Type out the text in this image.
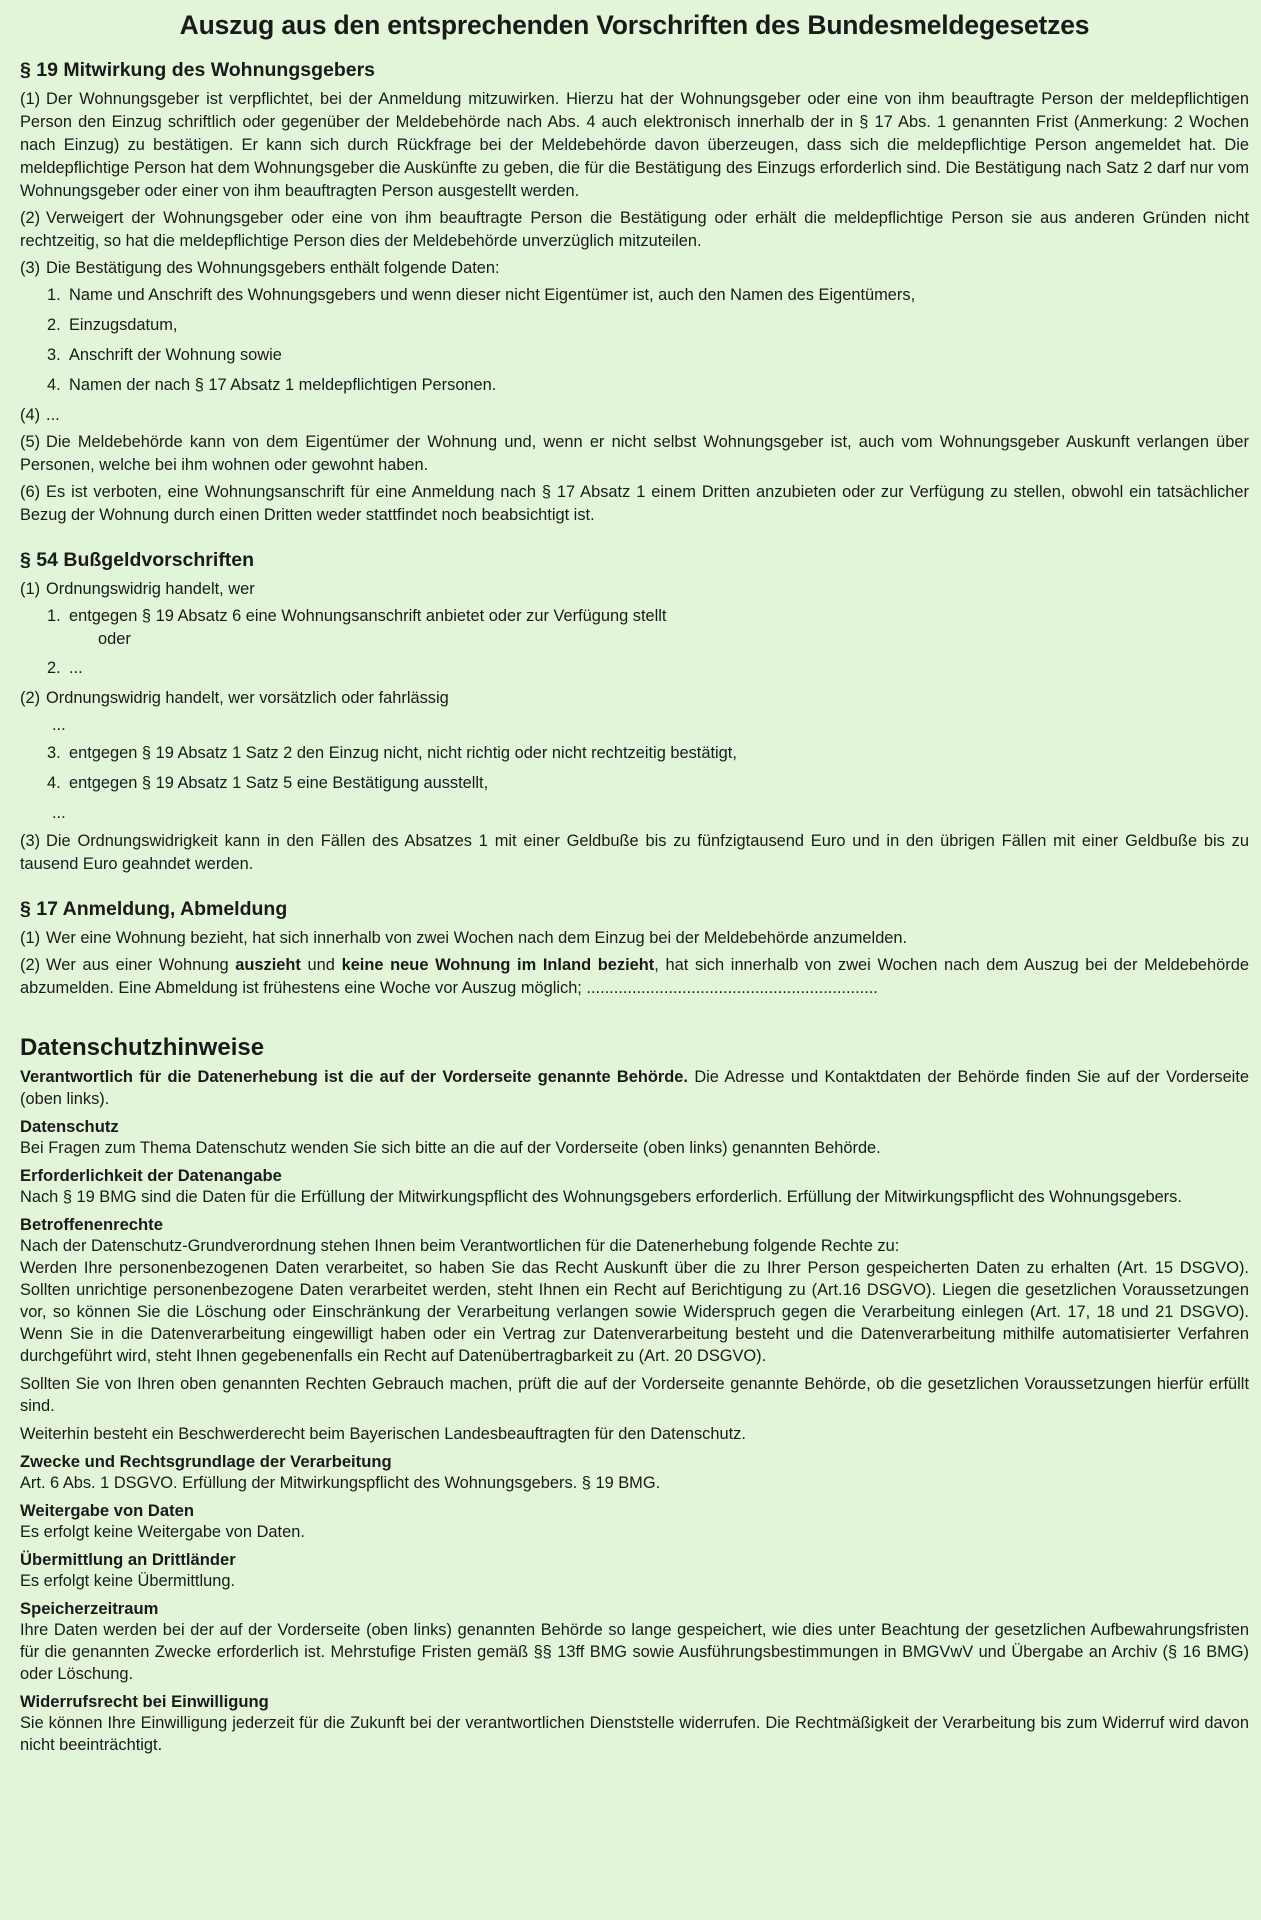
Auszug aus den entsprechenden Vorschriften des Bundesmeldegesetzes
§ 19 Mitwirkung des Wohnungsgebers

(1) Der Wohnungsgeber ist verpflichtet, bei der Anmeldung mitzuwirken. Hierzu hat der Wohnungsgeber oder eine von ihm beauftragte Person der meldepflichtigen Person den Einzug schriftlich oder gegenüber der Meldebehörde nach Abs. 4 auch elektronisch innerhalb der in § 17 Abs. 1 genannten Frist (Anmerkung: 2 Wochen nach Einzug) zu bestätigen. Er kann sich durch Rückfrage bei der Meldebehörde davon überzeugen, dass sich die meldepflichtige Person angemeldet hat. Die meldepflichtige Person hat dem Wohnungsgeber die Auskünfte zu geben, die für die Bestätigung des Einzugs erforderlich sind. Die Bestätigung nach Satz 2 darf nur vom Wohnungsgeber oder einer von ihm beauftragten Person ausgestellt werden.

(2) Verweigert der Wohnungsgeber oder eine von ihm beauftragte Person die Bestätigung oder erhält die meldepflichtige Person sie aus anderen Gründen nicht rechtzeitig, so hat die meldepflichtige Person dies der Meldebehörde unverzüglich mitzuteilen.

(3) Die Bestätigung des Wohnungsgebers enthält folgende Daten:

1. Name und Anschrift des Wohnungsgebers und wenn dieser nicht Eigentümer ist, auch den Namen des Eigentümers,
2. Einzugsdatum,
3. Anschrift der Wohnung sowie
4. Namen der nach § 17 Absatz 1 meldepflichtigen Personen.

(4) ...

(5) Die Meldebehörde kann von dem Eigentümer der Wohnung und, wenn er nicht selbst Wohnungsgeber ist, auch vom Wohnungsgeber Auskunft verlangen über Personen, welche bei ihm wohnen oder gewohnt haben.

(6) Es ist verboten, eine Wohnungsanschrift für eine Anmeldung nach § 17 Absatz 1 einem Dritten anzubieten oder zur Verfügung zu stellen, obwohl ein tatsächlicher Bezug der Wohnung durch einen Dritten weder stattfindet noch beabsichtigt ist.

§ 54 Bußgeldvorschriften

(1) Ordnungswidrig handelt, wer

1. entgegen § 19 Absatz 6 eine Wohnungsanschrift anbietet oder zur Verfügung stellt
oder
2. ...

(2) Ordnungswidrig handelt, wer vorsätzlich oder fahrlässig

...
3. entgegen § 19 Absatz 1 Satz 2 den Einzug nicht, nicht richtig oder nicht rechtzeitig bestätigt,
4. entgegen § 19 Absatz 1 Satz 5 eine Bestätigung ausstellt,
...

(3) Die Ordnungswidrigkeit kann in den Fällen des Absatzes 1 mit einer Geldbuße bis zu fünfzigtausend Euro und in den übrigen Fällen mit einer Geldbuße bis zu tausend Euro geahndet werden.

§ 17 Anmeldung, Abmeldung

(1) Wer eine Wohnung bezieht, hat sich innerhalb von zwei Wochen nach dem Einzug bei der Meldebehörde anzumelden.

(2) Wer aus einer Wohnung auszieht und keine neue Wohnung im Inland bezieht, hat sich innerhalb von zwei Wochen nach dem Auszug bei der Meldebehörde abzumelden. Eine Abmeldung ist frühestens eine Woche vor Auszug möglich; ................................................................

Datenschutzhinweise

Verantwortlich für die Datenerhebung ist die auf der Vorderseite genannte Behörde. Die Adresse und Kontaktdaten der Behörde finden Sie auf der Vorderseite (oben links).

Datenschutz

Bei Fragen zum Thema Datenschutz wenden Sie sich bitte an die auf der Vorderseite (oben links) genannten Behörde.

Erforderlichkeit der Datenangabe

Nach § 19 BMG sind die Daten für die Erfüllung der Mitwirkungspflicht des Wohnungsgebers erforderlich. Erfüllung der Mitwirkungspflicht des Wohnungsgebers.

Betroffenenrechte

Nach der Datenschutz-Grundverordnung stehen Ihnen beim Verantwortlichen für die Datenerhebung folgende Rechte zu:

Werden Ihre personenbezogenen Daten verarbeitet, so haben Sie das Recht Auskunft über die zu Ihrer Person gespeicherten Daten zu erhalten (Art. 15 DSGVO). Sollten unrichtige personenbezogene Daten verarbeitet werden, steht Ihnen ein Recht auf Berichtigung zu (Art.16 DSGVO). Liegen die gesetzlichen Voraussetzungen vor, so können Sie die Löschung oder Einschränkung der Verarbeitung verlangen sowie Widerspruch gegen die Verarbeitung einlegen (Art. 17, 18 und 21 DSGVO). Wenn Sie in die Datenverarbeitung eingewilligt haben oder ein Vertrag zur Datenverarbeitung besteht und die Datenverarbeitung mithilfe automatisierter Verfahren durchgeführt wird, steht Ihnen gegebenenfalls ein Recht auf Datenübertragbarkeit zu (Art. 20 DSGVO).

Sollten Sie von Ihren oben genannten Rechten Gebrauch machen, prüft die auf der Vorderseite genannte Behörde, ob die gesetzlichen Voraussetzungen hierfür erfüllt sind.

Weiterhin besteht ein Beschwerderecht beim Bayerischen Landesbeauftragten für den Datenschutz.

Zwecke und Rechtsgrundlage der Verarbeitung

Art. 6 Abs. 1 DSGVO. Erfüllung der Mitwirkungspflicht des Wohnungsgebers. § 19 BMG.

Weitergabe von Daten

Es erfolgt keine Weitergabe von Daten.

Übermittlung an Drittländer

Es erfolgt keine Übermittlung.

Speicherzeitraum

Ihre Daten werden bei der auf der Vorderseite (oben links) genannten Behörde so lange gespeichert, wie dies unter Beachtung der gesetzlichen Aufbewahrungsfristen für die genannten Zwecke erforderlich ist. Mehrstufige Fristen gemäß §§ 13ff BMG sowie Ausführungsbestimmungen in BMGVwV und Übergabe an Archiv (§ 16 BMG) oder Löschung.

Widerrufsrecht bei Einwilligung

Sie können Ihre Einwilligung jederzeit für die Zukunft bei der verantwortlichen Dienststelle widerrufen. Die Rechtmäßigkeit der Verarbeitung bis zum Widerruf wird davon nicht beeinträchtigt.
